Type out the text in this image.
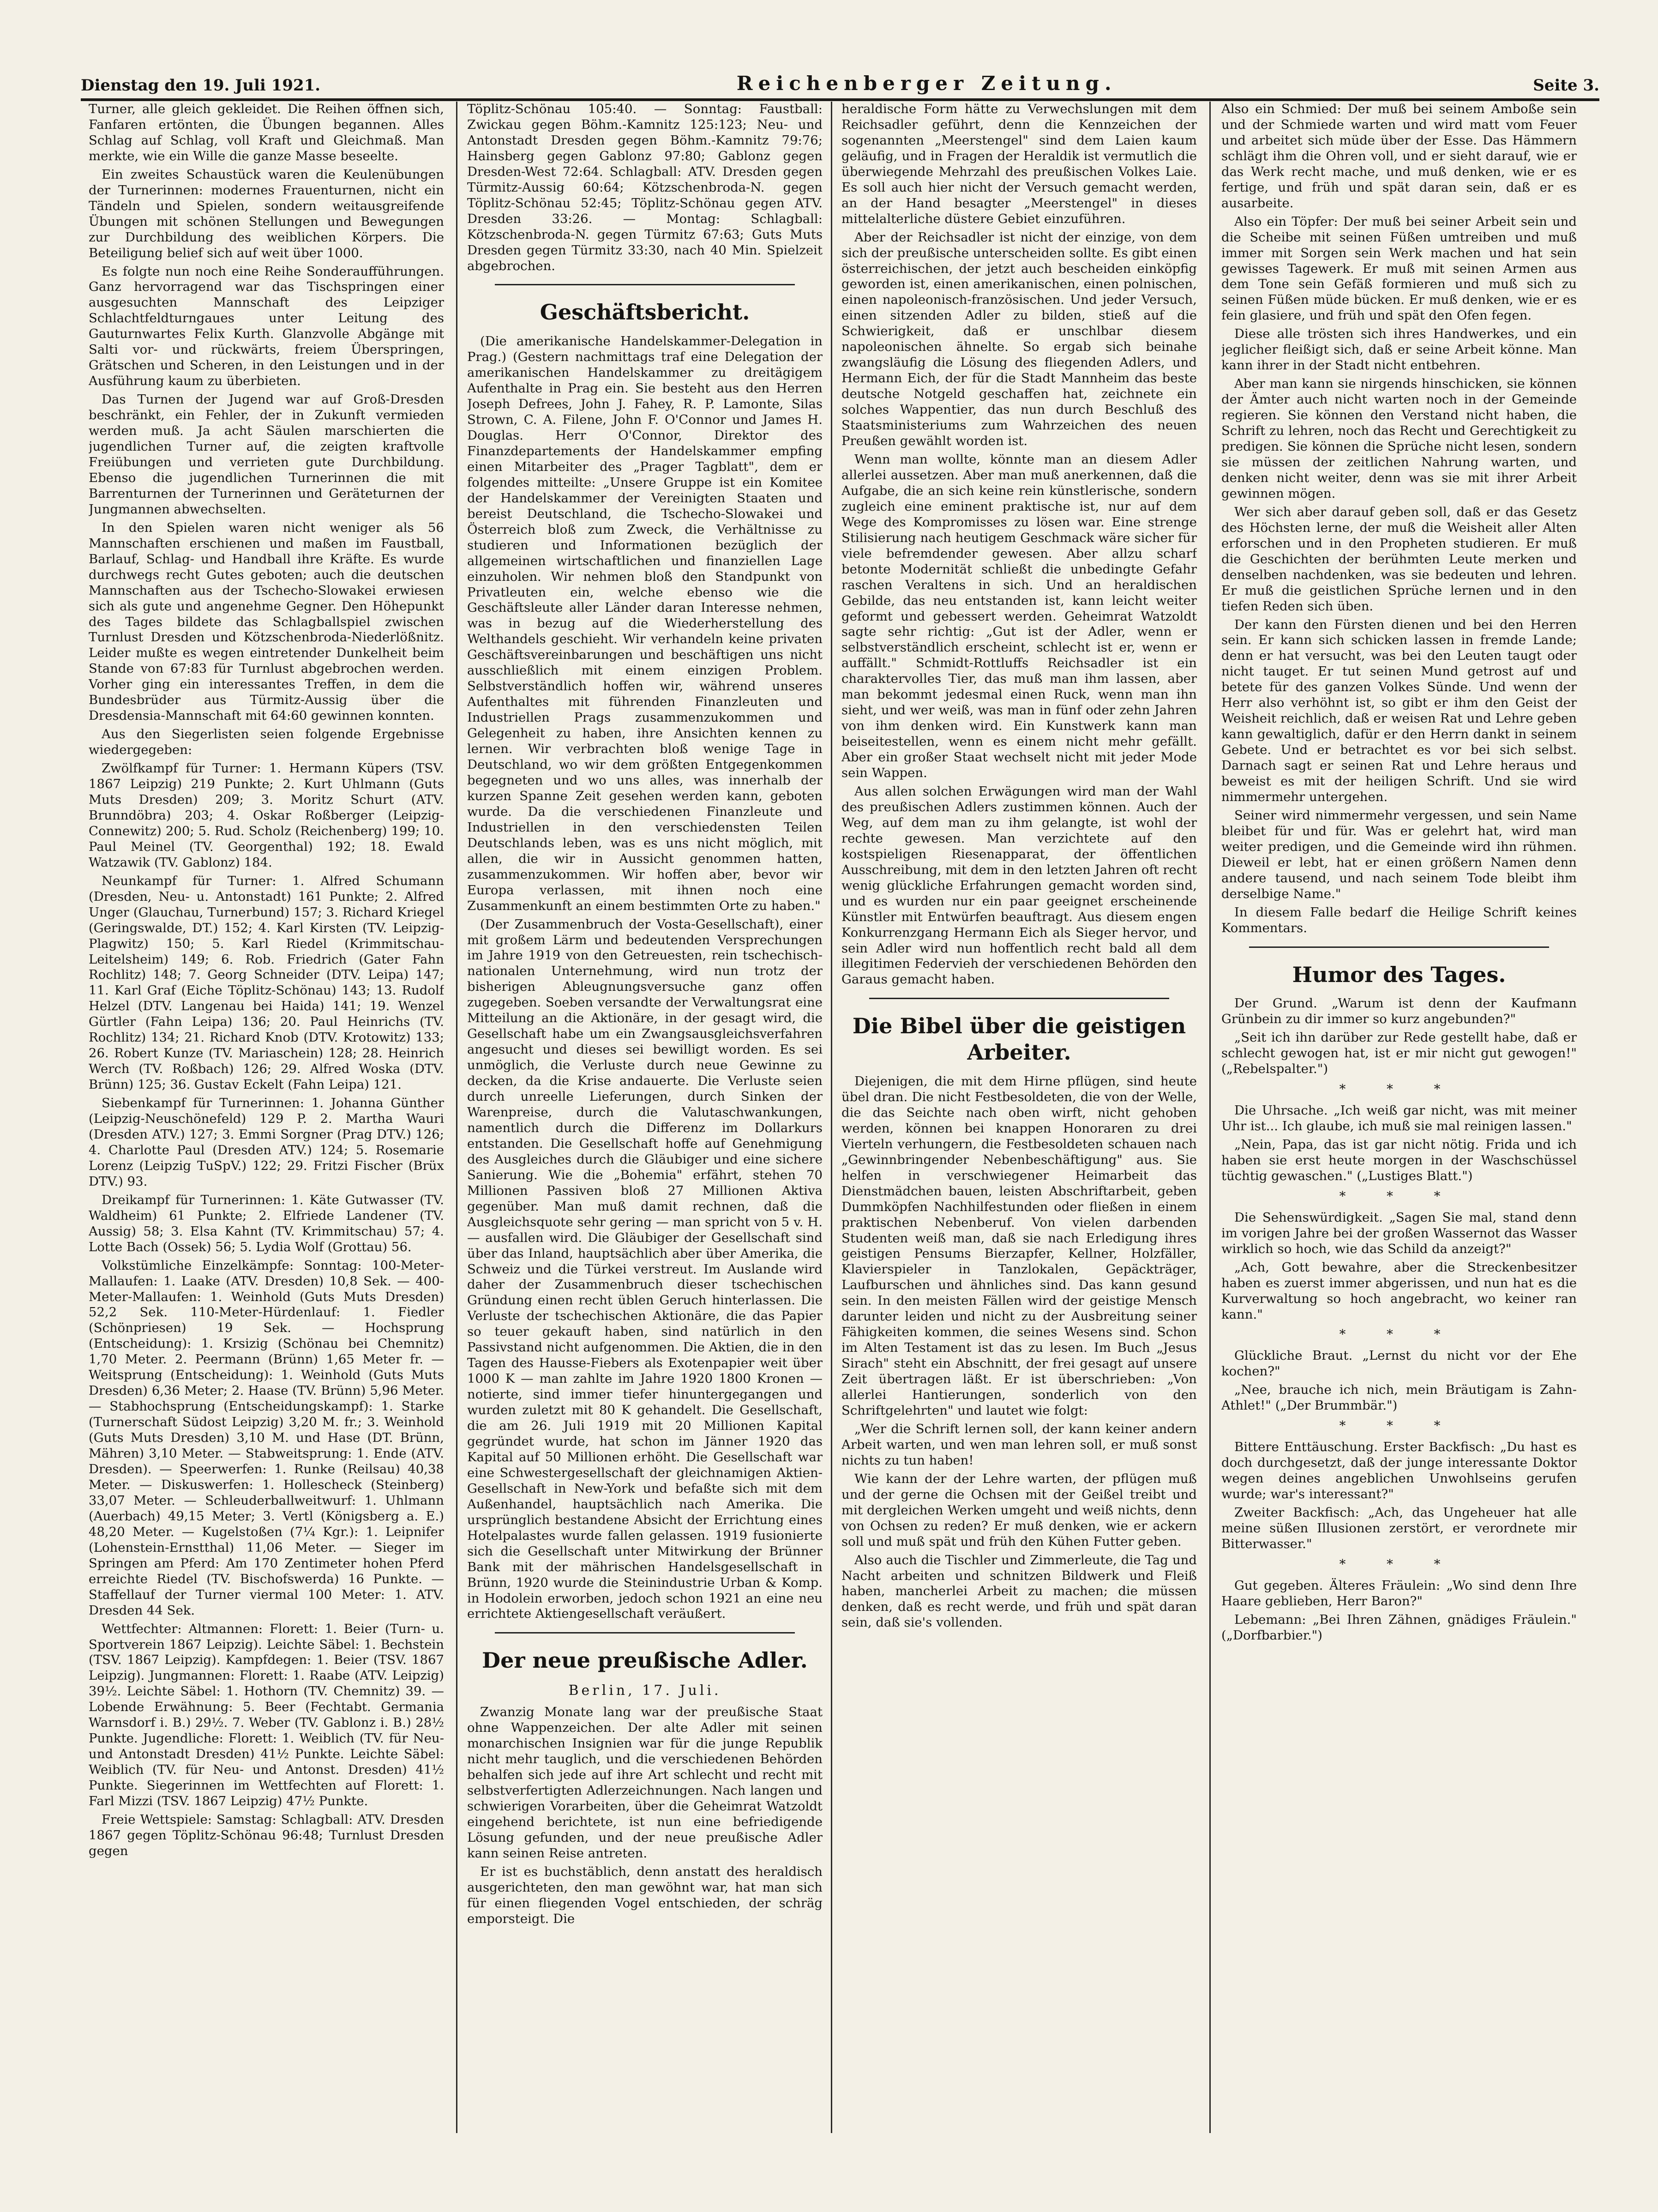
Dienstag den 19. Juli 1921.	Reichenberger Zeitung.	Seite 3.

Turner, alle gleich gekleidet. Die Reihen öffnen sich, Fanfaren ertönten, die Übungen begannen. Alles Schlag auf Schlag, voll Kraft und Gleichmaß. Man merkte, wie ein Wille die ganze Masse beseelte.

Ein zweites Schaustück waren die Keulenübungen der Turnerinnen: modernes Frauenturnen, nicht ein Tändeln und Spielen, sondern weitausgreifende Übungen mit schönen Stellungen und Bewegungen zur Durchbildung des weiblichen Körpers. Die Beteiligung belief sich auf weit über 1000.

Es folgte nun noch eine Reihe Sonderaufführungen. Ganz hervorragend war das Tischspringen einer ausgesuchten Mannschaft des Leipziger Schlachtfeldturngaues unter Leitung des Gauturnwartes Felix Kurth. Glanzvolle Abgänge mit Salti vor- und rückwärts, freiem Überspringen, Grätschen und Scheren, in den Leistungen und in der Ausführung kaum zu überbieten.

Das Turnen der Jugend war auf Groß-Dresden beschränkt, ein Fehler, der in Zukunft vermieden werden muß. Ja acht Säulen marschierten die jugendlichen Turner auf, die zeigten kraftvolle Freiübungen und verrieten gute Durchbildung. Ebenso die jugendlichen Turnerinnen die mit Barrenturnen der Turnerinnen und Geräteturnen der Jungmannen abwechselten.

In den Spielen waren nicht weniger als 56 Mannschaften erschienen und maßen im Faustball, Barlauf, Schlag- und Handball ihre Kräfte. Es wurde durchwegs recht Gutes geboten; auch die deutschen Mannschaften aus der Tschecho-Slowakei erwiesen sich als gute und angenehme Gegner. Den Höhepunkt des Tages bildete das Schlagballspiel zwischen Turnlust Dresden und Kötzschenbroda-Niederlößnitz. Leider mußte es wegen eintretender Dunkelheit beim Stande von 67:83 für Turnlust abgebrochen werden. Vorher ging ein interessantes Treffen, in dem die Bundesbrüder aus Türmitz-Aussig über die Dresdensia-Mannschaft mit 64:60 gewinnen konnten.

Aus den Siegerlisten seien folgende Ergebnisse wiedergegeben:

Zwölfkampf für Turner: 1. Hermann Küpers (TSV. 1867 Leipzig) 219 Punkte; 2. Kurt Uhlmann (Guts Muts Dresden) 209; 3. Moritz Schurt (ATV. Brunndöbra) 203; 4. Oskar Roßberger (Leipzig-Connewitz) 200; 5. Rud. Scholz (Reichenberg) 199; 10. Paul Meinel (TV. Georgenthal) 192; 18. Ewald Watzawik (TV. Gablonz) 184.

Neunkampf für Turner: 1. Alfred Schumann (Dresden, Neu- u. Antonstadt) 161 Punkte; 2. Alfred Unger (Glauchau, Turnerbund) 157; 3. Richard Kriegel (Geringswalde, DT.) 152; 4. Karl Kirsten (TV. Leipzig-Plagwitz) 150; 5. Karl Riedel (Krimmitschau-Leitelsheim) 149; 6. Rob. Friedrich (Gater Fahn Rochlitz) 148; 7. Georg Schneider (DTV. Leipa) 147; 11. Karl Graf (Eiche Töplitz-Schönau) 143; 13. Rudolf Helzel (DTV. Langenau bei Haida) 141; 19. Wenzel Gürtler (Fahn Leipa) 136; 20. Paul Heinrichs (TV. Rochlitz) 134; 21. Richard Knob (DTV. Krotowitz) 133; 26. Robert Kunze (TV. Mariaschein) 128; 28. Heinrich Werch (TV. Roßbach) 126; 29. Alfred Woska (DTV. Brünn) 125; 36. Gustav Eckelt (Fahn Leipa) 121.

Siebenkampf für Turnerinnen: 1. Johanna Günther (Leipzig-Neuschönefeld) 129 P. 2. Martha Wauri (Dresden ATV.) 127; 3. Emmi Sorgner (Prag DTV.) 126; 4. Charlotte Paul (Dresden ATV.) 124; 5. Rosemarie Lorenz (Leipzig TuSpV.) 122; 29. Fritzi Fischer (Brüx DTV.) 93.

Dreikampf für Turnerinnen: 1. Käte Gutwasser (TV. Waldheim) 61 Punkte; 2. Elfriede Landener (TV. Aussig) 58; 3. Elsa Kahnt (TV. Krimmitschau) 57; 4. Lotte Bach (Ossek) 56; 5. Lydia Wolf (Grottau) 56.

Volkstümliche Einzelkämpfe: Sonntag: 100-Meter-Mallaufen: 1. Laake (ATV. Dresden) 10,8 Sek. — 400-Meter-Mallaufen: 1. Weinhold (Guts Muts Dresden) 52,2 Sek. 110-Meter-Hürdenlauf: 1. Fiedler (Schönpriesen) 19 Sek. — Hochsprung (Entscheidung): 1. Krsizig (Schönau bei Chemnitz) 1,70 Meter. 2. Peermann (Brünn) 1,65 Meter fr. — Weitsprung (Entscheidung): 1. Weinhold (Guts Muts Dresden) 6,36 Meter; 2. Haase (TV. Brünn) 5,96 Meter. — Stabhochsprung (Entscheidungskampf): 1. Starke (Turnerschaft Südost Leipzig) 3,20 M. fr.; 3. Weinhold (Guts Muts Dresden) 3,10 M. und Hase (DT. Brünn, Mähren) 3,10 Meter. — Stabweitsprung: 1. Ende (ATV. Dresden). — Speerwerfen: 1. Runke (Reilsau) 40,38 Meter. — Diskuswerfen: 1. Hollescheck (Steinberg) 33,07 Meter. — Schleuderballweitwurf: 1. Uhlmann (Auerbach) 49,15 Meter; 3. Vertl (Königsberg a. E.) 48,20 Meter. — Kugelstoßen (7¼ Kgr.): 1. Leipnifer (Lohenstein-Ernstthal) 11,06 Meter. — Sieger im Springen am Pferd: Am 170 Zentimeter hohen Pferd erreichte Riedel (TV. Bischofswerda) 16 Punkte. — Staffellauf der Turner viermal 100 Meter: 1. ATV. Dresden 44 Sek.

Wettfechter: Altmannen: Florett: 1. Beier (Turn- u. Sportverein 1867 Leipzig). Leichte Säbel: 1. Bechstein (TSV. 1867 Leipzig). Kampfdegen: 1. Beier (TSV. 1867 Leipzig). Jungmannen: Florett: 1. Raabe (ATV. Leipzig) 39½. Leichte Säbel: 1. Hothorn (TV. Chemnitz) 39. — Lobende Erwähnung: 5. Beer (Fechtabt. Germania Warnsdorf i. B.) 29½. 7. Weber (TV. Gablonz i. B.) 28½ Punkte. Jugendliche: Florett: 1. Weiblich (TV. für Neu- und Antonstadt Dresden) 41½ Punkte. Leichte Säbel: Weiblich (TV. für Neu- und Antonst. Dresden) 41½ Punkte. Siegerinnen im Wettfechten auf Florett: 1. Farl Mizzi (TSV. 1867 Leipzig) 47½ Punkte.

Freie Wettspiele: Samstag: Schlagball: ATV. Dresden 1867 gegen Töplitz-Schönau 96:48; Turnlust Dresden gegen

Töplitz-Schönau 105:40. — Sonntag: Faustball: Zwickau gegen Böhm.-Kamnitz 125:123; Neu- und Antonstadt Dresden gegen Böhm.-Kamnitz 79:76; Hainsberg gegen Gablonz 97:80; Gablonz gegen Dresden-West 72:64. Schlagball: ATV. Dresden gegen Türmitz-Aussig 60:64; Kötzschenbroda-N. gegen Töplitz-Schönau 52:45; Töplitz-Schönau gegen ATV. Dresden 33:26. — Montag: Schlagball: Kötzschenbroda-N. gegen Türmitz 67:63; Guts Muts Dresden gegen Türmitz 33:30, nach 40 Min. Spielzeit abgebrochen.

Geschäftsbericht.

(Die amerikanische Handelskammer-Delegation in Prag.) (Gestern nachmittags traf eine Delegation der amerikanischen Handelskammer zu dreitägigem Aufenthalte in Prag ein. Sie besteht aus den Herren Joseph Defrees, John J. Fahey, R. P. Lamonte, Silas Strown, C. A. Filene, John F. O'Connor und James H. Douglas. Herr O'Connor, Direktor des Finanzdepartements der Handelskammer empfing einen Mitarbeiter des „Prager Tagblatt", dem er folgendes mitteilte: „Unsere Gruppe ist ein Komitee der Handelskammer der Vereinigten Staaten und bereist Deutschland, die Tschecho-Slowakei und Österreich bloß zum Zweck, die Verhältnisse zu studieren und Informationen bezüglich der allgemeinen wirtschaftlichen und finanziellen Lage einzuholen. Wir nehmen bloß den Standpunkt von Privatleuten ein, welche ebenso wie die Geschäftsleute aller Länder daran Interesse nehmen, was in bezug auf die Wiederherstellung des Welthandels geschieht. Wir verhandeln keine privaten Geschäftsvereinbarungen und beschäftigen uns nicht ausschließlich mit einem einzigen Problem. Selbstverständlich hoffen wir, während unseres Aufenthaltes mit führenden Finanzleuten und Industriellen Prags zusammenzukommen und Gelegenheit zu haben, ihre Ansichten kennen zu lernen. Wir verbrachten bloß wenige Tage in Deutschland, wo wir dem größten Entgegenkommen begegneten und wo uns alles, was innerhalb der kurzen Spanne Zeit gesehen werden kann, geboten wurde. Da die verschiedenen Finanzleute und Industriellen in den verschiedensten Teilen Deutschlands leben, was es uns nicht möglich, mit allen, die wir in Aussicht genommen hatten, zusammenzukommen. Wir hoffen aber, bevor wir Europa verlassen, mit ihnen noch eine Zusammenkunft an einem bestimmten Orte zu haben."

(Der Zusammenbruch der Vosta-Gesellschaft), einer mit großem Lärm und bedeutenden Versprechungen im Jahre 1919 von den Getreuesten, rein tschechisch-nationalen Unternehmung, wird nun trotz der bisherigen Ableugnungsversuche ganz offen zugegeben. Soeben versandte der Verwaltungsrat eine Mitteilung an die Aktionäre, in der gesagt wird, die Gesellschaft habe um ein Zwangsausgleichsverfahren angesucht und dieses sei bewilligt worden. Es sei unmöglich, die Verluste durch neue Gewinne zu decken, da die Krise andauerte. Die Verluste seien durch unreelle Lieferungen, durch Sinken der Warenpreise, durch die Valutaschwankungen, namentlich durch die Differenz im Dollarkurs entstanden. Die Gesellschaft hoffe auf Genehmigung des Ausgleiches durch die Gläubiger und eine sichere Sanierung. Wie die „Bohemia" erfährt, stehen 70 Millionen Passiven bloß 27 Millionen Aktiva gegenüber. Man muß damit rechnen, daß die Ausgleichsquote sehr gering — man spricht von 5 v. H. — ausfallen wird. Die Gläubiger der Gesellschaft sind über das Inland, hauptsächlich aber über Amerika, die Schweiz und die Türkei verstreut. Im Auslande wird daher der Zusammenbruch dieser tschechischen Gründung einen recht üblen Geruch hinterlassen. Die Verluste der tschechischen Aktionäre, die das Papier so teuer gekauft haben, sind natürlich in den Passivstand nicht aufgenommen. Die Aktien, die in den Tagen des Hausse-Fiebers als Exotenpapier weit über 1000 K — man zahlte im Jahre 1920 1800 Kronen — notierte, sind immer tiefer hinuntergegangen und wurden zuletzt mit 80 K gehandelt. Die Gesellschaft, die am 26. Juli 1919 mit 20 Millionen Kapital gegründet wurde, hat schon im Jänner 1920 das Kapital auf 50 Millionen erhöht. Die Gesellschaft war eine Schwestergesellschaft der gleichnamigen Aktien-Gesellschaft in New-York und befaßte sich mit dem Außenhandel, hauptsächlich nach Amerika. Die ursprünglich bestandene Absicht der Errichtung eines Hotelpalastes wurde fallen gelassen. 1919 fusionierte sich die Gesellschaft unter Mitwirkung der Brünner Bank mit der mährischen Handelsgesellschaft in Brünn, 1920 wurde die Steinindustrie Urban & Komp. in Hodolein erworben, jedoch schon 1921 an eine neu errichtete Aktiengesellschaft veräußert.

Der neue preußische Adler.
Berlin, 17. Juli.

Zwanzig Monate lang war der preußische Staat ohne Wappenzeichen. Der alte Adler mit seinen monarchischen Insignien war für die junge Republik nicht mehr tauglich, und die verschiedenen Behörden behalfen sich jede auf ihre Art schlecht und recht mit selbstverfertigten Adlerzeichnungen. Nach langen und schwierigen Vorarbeiten, über die Geheimrat Watzoldt eingehend berichtete, ist nun eine befriedigende Lösung gefunden, und der neue preußische Adler kann seinen Reise antreten.

Er ist es buchstäblich, denn anstatt des heraldisch ausgerichteten, den man gewöhnt war, hat man sich für einen fliegenden Vogel entschieden, der schräg emporsteigt. Die

heraldische Form hätte zu Verwechslungen mit dem Reichsadler geführt, denn die Kennzeichen der sogenannten „Meerstengel" sind dem Laien kaum geläufig, und in Fragen der Heraldik ist vermutlich die überwiegende Mehrzahl des preußischen Volkes Laie. Es soll auch hier nicht der Versuch gemacht werden, an der Hand besagter „Meerstengel" in dieses mittelalterliche düstere Gebiet einzuführen.

Aber der Reichsadler ist nicht der einzige, von dem sich der preußische unterscheiden sollte. Es gibt einen österreichischen, der jetzt auch bescheiden einköpfig geworden ist, einen amerikanischen, einen polnischen, einen napoleonisch-französischen. Und jeder Versuch, einen sitzenden Adler zu bilden, stieß auf die Schwierigkeit, daß er unschlbar diesem napoleonischen ähnelte. So ergab sich beinahe zwangsläufig die Lösung des fliegenden Adlers, und Hermann Eich, der für die Stadt Mannheim das beste deutsche Notgeld geschaffen hat, zeichnete ein solches Wappentier, das nun durch Beschluß des Staatsministeriums zum Wahrzeichen des neuen Preußen gewählt worden ist.

Wenn man wollte, könnte man an diesem Adler allerlei aussetzen. Aber man muß anerkennen, daß die Aufgabe, die an sich keine rein künstlerische, sondern zugleich eine eminent praktische ist, nur auf dem Wege des Kompromisses zu lösen war. Eine strenge Stilisierung nach heutigem Geschmack wäre sicher für viele befremdender gewesen. Aber allzu scharf betonte Modernität schließt die unbedingte Gefahr raschen Veraltens in sich. Und an heraldischen Gebilde, das neu entstanden ist, kann leicht weiter geformt und gebessert werden. Geheimrat Watzoldt sagte sehr richtig: „Gut ist der Adler, wenn er selbstverständlich erscheint, schlecht ist er, wenn er auffällt." Schmidt-Rottluffs Reichsadler ist ein charaktervolles Tier, das muß man ihm lassen, aber man bekommt jedesmal einen Ruck, wenn man ihn sieht, und wer weiß, was man in fünf oder zehn Jahren von ihm denken wird. Ein Kunstwerk kann man beiseitestellen, wenn es einem nicht mehr gefällt. Aber ein großer Staat wechselt nicht mit jeder Mode sein Wappen.

Aus allen solchen Erwägungen wird man der Wahl des preußischen Adlers zustimmen können. Auch der Weg, auf dem man zu ihm gelangte, ist wohl der rechte gewesen. Man verzichtete auf den kostspieligen Riesenapparat, der öffentlichen Ausschreibung, mit dem in den letzten Jahren oft recht wenig glückliche Erfahrungen gemacht worden sind, und es wurden nur ein paar geeignet erscheinende Künstler mit Entwürfen beauftragt. Aus diesem engen Konkurrenzgang Hermann Eich als Sieger hervor, und sein Adler wird nun hoffentlich recht bald all dem illegitimen Federvieh der verschiedenen Behörden den Garaus gemacht haben.

Die Bibel über die geistigen Arbeiter.

Diejenigen, die mit dem Hirne pflügen, sind heute übel dran. Die nicht Festbesoldeten, die von der Welle, die das Seichte nach oben wirft, nicht gehoben werden, können bei knappen Honoraren zu drei Vierteln verhungern, die Festbesoldeten schauen nach „Gewinnbringender Nebenbeschäftigung" aus. Sie helfen in verschwiegener Heimarbeit das Dienstmädchen bauen, leisten Abschriftarbeit, geben Dummköpfen Nachhilfestunden oder fließen in einem praktischen Nebenberuf. Von vielen darbenden Studenten weiß man, daß sie nach Erledigung ihres geistigen Pensums Bierzapfer, Kellner, Holzfäller, Klavierspieler in Tanzlokalen, Gepäckträger, Laufburschen und ähnliches sind. Das kann gesund sein. In den meisten Fällen wird der geistige Mensch darunter leiden und nicht zu der Ausbreitung seiner Fähigkeiten kommen, die seines Wesens sind. Schon im Alten Testament ist das zu lesen. Im Buch „Jesus Sirach" steht ein Abschnitt, der frei gesagt auf unsere Zeit übertragen läßt. Er ist überschrieben: „Von allerlei Hantierungen, sonderlich von den Schriftgelehrten" und lautet wie folgt:

„Wer die Schrift lernen soll, der kann keiner andern Arbeit warten, und wen man lehren soll, er muß sonst nichts zu tun haben!

Wie kann der der Lehre warten, der pflügen muß und der gerne die Ochsen mit der Geißel treibt und mit dergleichen Werken umgeht und weiß nichts, denn von Ochsen zu reden? Er muß denken, wie er ackern soll und muß spät und früh den Kühen Futter geben.

Also auch die Tischler und Zimmerleute, die Tag und Nacht arbeiten und schnitzen Bildwerk und Fleiß haben, mancherlei Arbeit zu machen; die müssen denken, daß es recht werde, und früh und spät daran sein, daß sie's vollenden.

Also ein Schmied: Der muß bei seinem Amboße sein und der Schmiede warten und wird matt vom Feuer und arbeitet sich müde über der Esse. Das Hämmern schlägt ihm die Ohren voll, und er sieht darauf, wie er das Werk recht mache, und muß denken, wie er es fertige, und früh und spät daran sein, daß er es ausarbeite.

Also ein Töpfer: Der muß bei seiner Arbeit sein und die Scheibe mit seinen Füßen umtreiben und muß immer mit Sorgen sein Werk machen und hat sein gewisses Tagewerk. Er muß mit seinen Armen aus dem Tone sein Gefäß formieren und muß sich zu seinen Füßen müde bücken. Er muß denken, wie er es fein glasiere, und früh und spät den Ofen fegen.

Diese alle trösten sich ihres Handwerkes, und ein jeglicher fleißigt sich, daß er seine Arbeit könne. Man kann ihrer in der Stadt nicht entbehren.

Aber man kann sie nirgends hinschicken, sie können der Ämter auch nicht warten noch in der Gemeinde regieren. Sie können den Verstand nicht haben, die Schrift zu lehren, noch das Recht und Gerechtigkeit zu predigen. Sie können die Sprüche nicht lesen, sondern sie müssen der zeitlichen Nahrung warten, und denken nicht weiter, denn was sie mit ihrer Arbeit gewinnen mögen.

Wer sich aber darauf geben soll, daß er das Gesetz des Höchsten lerne, der muß die Weisheit aller Alten erforschen und in den Propheten studieren. Er muß die Geschichten der berühmten Leute merken und denselben nachdenken, was sie bedeuten und lehren. Er muß die geistlichen Sprüche lernen und in den tiefen Reden sich üben.

Der kann den Fürsten dienen und bei den Herren sein. Er kann sich schicken lassen in fremde Lande; denn er hat versucht, was bei den Leuten taugt oder nicht tauget. Er tut seinen Mund getrost auf und betete für des ganzen Volkes Sünde. Und wenn der Herr also verhöhnt ist, so gibt er ihm den Geist der Weisheit reichlich, daß er weisen Rat und Lehre geben kann gewaltiglich, dafür er den Herrn dankt in seinem Gebete. Und er betrachtet es vor bei sich selbst. Darnach sagt er seinen Rat und Lehre heraus und beweist es mit der heiligen Schrift. Und sie wird nimmermehr untergehen.

Seiner wird nimmermehr vergessen, und sein Name bleibet für und für. Was er gelehrt hat, wird man weiter predigen, und die Gemeinde wird ihn rühmen. Dieweil er lebt, hat er einen größern Namen denn andere tausend, und nach seinem Tode bleibt ihm derselbige Name."

In diesem Falle bedarf die Heilige Schrift keines Kommentars.

Humor des Tages.

Der Grund. „Warum ist denn der Kaufmann Grünbein zu dir immer so kurz angebunden?"

„Seit ich ihn darüber zur Rede gestellt habe, daß er schlecht gewogen hat, ist er mir nicht gut gewogen!" („Rebelspalter.")

* * *

Die Uhrsache. „Ich weiß gar nicht, was mit meiner Uhr ist... Ich glaube, ich muß sie mal reinigen lassen."

„Nein, Papa, das ist gar nicht nötig. Frida und ich haben sie erst heute morgen in der Waschschüssel tüchtig gewaschen." („Lustiges Blatt.")

* * *

Die Sehenswürdigkeit. „Sagen Sie mal, stand denn im vorigen Jahre bei der großen Wassernot das Wasser wirklich so hoch, wie das Schild da anzeigt?"

„Ach, Gott bewahre, aber die Streckenbesitzer haben es zuerst immer abgerissen, und nun hat es die Kurverwaltung so hoch angebracht, wo keiner ran kann."

* * *

Glückliche Braut. „Lernst du nicht vor der Ehe kochen?"

„Nee, brauche ich nich, mein Bräutigam is Zahn-Athlet!" („Der Brummbär.")

* * *

Bittere Enttäuschung. Erster Backfisch: „Du hast es doch durchgesetzt, daß der junge interessante Doktor wegen deines angeblichen Unwohlseins gerufen wurde; war's interessant?"

Zweiter Backfisch: „Ach, das Ungeheuer hat alle meine süßen Illusionen zerstört, er verordnete mir Bitterwasser."

* * *

Gut gegeben. Älteres Fräulein: „Wo sind denn Ihre Haare geblieben, Herr Baron?"

Lebemann: „Bei Ihren Zähnen, gnädiges Fräulein." („Dorfbarbier.")
